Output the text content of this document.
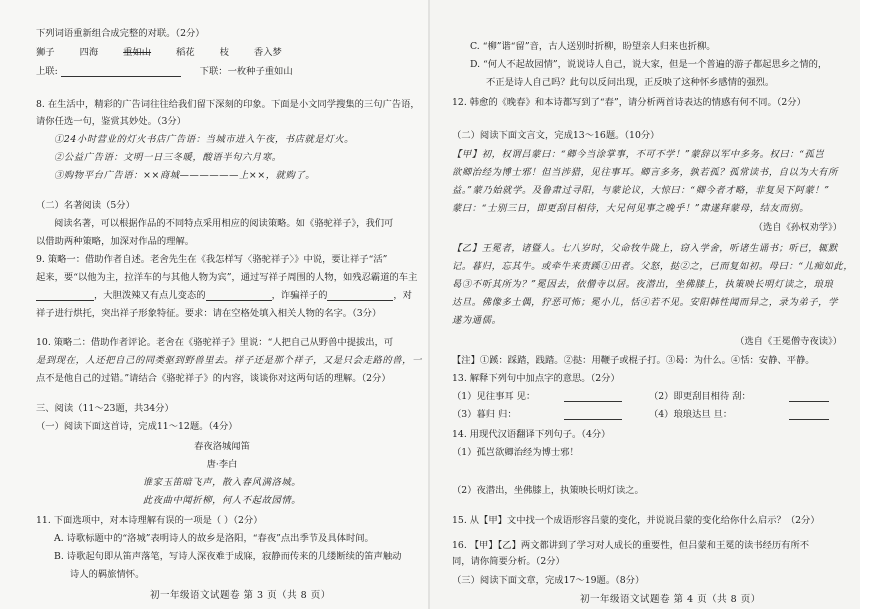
下列词语重新组合成完整的对联。（2分）
狮子	四海	重如山	稻花	枝	香入梦
上联:	下联：一枚种子重如山
8. 在生活中，精彩的广告词往往给我们留下深刻的印象。下面是小文同学搜集的三句广告语，
请你任选一句，鉴赏其妙处。（3分）
①24小时营业的灯火书店广告语：当城市进入午夜，书店就是灯火。
②公益广告语：文明一日三冬暖，酸语半句六月寒。
③购物平台广告语：××商城——————上××，就购了。
（二）名著阅读（5分）
阅读名著，可以根据作品的不同特点采用相应的阅读策略。如《骆驼祥子》，我们可
以借助两种策略，加深对作品的理解。
9. 策略一：借助作者自述。老舍先生在《我怎样写〈骆驼祥子〉》中说，要让祥子“活”
起来，要“以他为主，拉洋车的与其他人物为宾”，通过写祥子周围的人物，如残忍霸道的车主
，大胆泼辣又有点儿变态的	，诈骗祥子的	，对
祥子进行烘托，突出祥子形象特征。要求：请在空格处填入相关人物的名字。（3分）
10. 策略二：借助作者评论。老舍在《骆驼祥子》里说：“人把自己从野兽中提拔出，可
是到现在，人还把自己的同类驱到野兽里去。祥子还是那个祥子，又是只会走路的兽，一
点不是他自己的过错。”请结合《骆驼祥子》的内容，谈谈你对这两句话的理解。（2分）
三、阅读（11～23题，共34分）
（一）阅读下面这首诗，完成11～12题。（4分）
春夜洛城闻笛
唐·李白
谁家玉笛暗飞声，散入春风满洛城。
此夜曲中闻折柳，何人不起故园情。
11. 下面选项中，对本诗理解有误的一项是（ ）（2分）
A. 诗歌标题中的“洛城”表明诗人的故乡是洛阳，“春夜”点出季节及具体时间。
B. 诗歌起句即从笛声落笔，写诗人深夜难于成寐，寂静而传来的几缕断续的笛声触动
诗人的羁旅情怀。
初一年级语文试题卷 第 3 页（共 8 页）
C. “柳”谐“留”音，古人送别时折柳，盼望亲人归来也折柳。
D. “何人不起故园情”，说说诗人自己，说大家，但是一个普遍的游子都起思乡之情的，
不正是诗人自己吗？此句以反问出现，正反映了这种怀乡感情的强烈。
12. 韩愈的《晚春》和本诗都写到了“春”，请分析两首诗表达的情感有何不同。（2分）
（二）阅读下面文言文，完成13～16题。（10分）
【甲】初，权谓吕蒙曰：“卿今当涂掌事，不可不学！”蒙辞以军中多务。权曰：“孤岂
欲卿治经为博士邪！但当涉猎，见往事耳。卿言多务，孰若孤？孤常读书，自以为大有所
益。”蒙乃始就学。及鲁肃过寻阳，与蒙论议，大惊曰：“卿今者才略，非复吴下阿蒙！”
蒙曰：“士别三日，即更刮目相待，大兄何见事之晚乎！”肃遂拜蒙母，结友而别。
（选自《孙权劝学》）
【乙】王冕者，诸暨人。七八岁时，父命牧牛陇上，窃入学舍，听诸生诵书；听已，辄默
记。暮归，忘其牛。或牵牛来责蹊①田者。父怒，挞②之，已而复如初。母曰：“儿痴如此，
曷③不听其所为？”冕因去，依僧寺以居。夜潜出，坐佛膝上，执策映长明灯读之，琅琅
达旦。佛像多土偶，狞恶可怖；冕小儿，恬④若不见。安阳韩性闻而异之，录为弟子，学
遂为通儒。
（选自《王冕僧寺夜读》）
【注】①蹊：踩踏，践踏。②挞：用鞭子或棍子打。③曷：为什么。④恬：安静、平静。
13. 解释下列句中加点字的意思。（2分）
（1）见往事耳 见：	（2）即更刮目相待 刮：
（3）暮归 归：	（4）琅琅达旦 旦：
14. 用现代汉语翻译下列句子。（4分）
（1）孤岂欲卿治经为博士邪！
（2）夜潜出，坐佛膝上，执策映长明灯读之。
15. 从【甲】文中找一个成语形容吕蒙的变化，并说说吕蒙的变化给你什么启示？（2分）
16. 【甲】【乙】两文都讲到了学习对人成长的重要性，但吕蒙和王冕的读书经历有所不
同，请你简要分析。（2分）
（三）阅读下面文章，完成17～19题。（8分）
初一年级语文试题卷 第 4 页（共 8 页）
